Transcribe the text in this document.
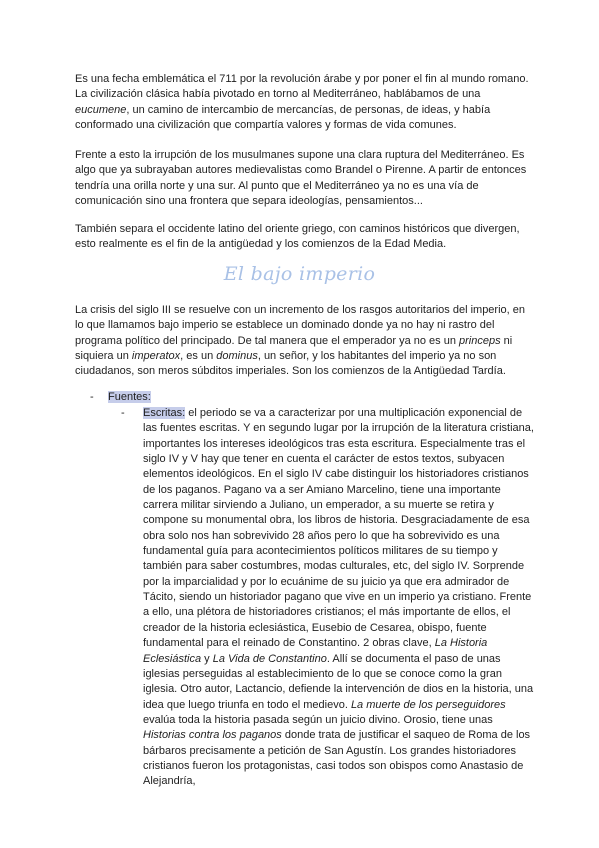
Es una fecha emblemática el 711 por la revolución árabe y por poner el fin al mundo romano. La civilización clásica había pivotado en torno al Mediterráneo, hablábamos de una eucumene, un camino de intercambio de mercancías, de personas, de ideas, y había conformado una civilización que compartía valores y formas de vida comunes.

Frente a esto la irrupción de los musulmanes supone una clara ruptura del Mediterráneo. Es algo que ya subrayaban autores medievalistas como Brandel o Pirenne. A partir de entonces tendría una orilla norte y una sur. Al punto que el Mediterráneo ya no es una vía de comunicación sino una frontera que separa ideologías, pensamientos...

También separa el occidente latino del oriente griego, con caminos históricos que divergen, esto realmente es el fin de la antigüedad y los comienzos de la Edad Media.

El bajo imperio

La crisis del siglo III se resuelve con un incremento de los rasgos autoritarios del imperio, en lo que llamamos bajo imperio se establece un dominado donde ya no hay ni rastro del programa político del principado. De tal manera que el emperador ya no es un princeps ni siquiera un imperatox, es un dominus, un señor, y los habitantes del imperio ya no son ciudadanos, son meros súbditos imperiales. Son los comienzos de la Antigüedad Tardía.

- Fuentes:
- Escritas: el periodo se va a caracterizar por una multiplicación exponencial de las fuentes escritas. Y en segundo lugar por la irrupción de la literatura cristiana, importantes los intereses ideológicos tras esta escritura. Especialmente tras el siglo IV y V hay que tener en cuenta el carácter de estos textos, subyacen elementos ideológicos. En el siglo IV cabe distinguir los historiadores cristianos de los paganos. Pagano va a ser Amiano Marcelino, tiene una importante carrera militar sirviendo a Juliano, un emperador, a su muerte se retira y compone su monumental obra, los libros de historia. Desgraciadamente de esa obra solo nos han sobrevivido 28 años pero lo que ha sobrevivido es una fundamental guía para acontecimientos políticos militares de su tiempo y también para saber costumbres, modas culturales, etc, del siglo IV. Sorprende por la imparcialidad y por lo ecuánime de su juicio ya que era admirador de Tácito, siendo un historiador pagano que vive en un imperio ya cristiano. Frente a ello, una plétora de historiadores cristianos; el más importante de ellos, el creador de la historia eclesiástica, Eusebio de Cesarea, obispo, fuente fundamental para el reinado de Constantino. 2 obras clave, La Historia Eclesiástica y La Vida de Constantino. Allí se documenta el paso de unas iglesias perseguidas al establecimiento de lo que se conoce como la gran iglesia. Otro autor, Lactancio, defiende la intervención de dios en la historia, una idea que luego triunfa en todo el medievo. La muerte de los perseguidores evalúa toda la historia pasada según un juicio divino. Orosio, tiene unas Historias contra los paganos donde trata de justificar el saqueo de Roma de los bárbaros precisamente a petición de San Agustín. Los grandes historiadores cristianos fueron los protagonistas, casi todos son obispos como Anastasio de Alejandría,
